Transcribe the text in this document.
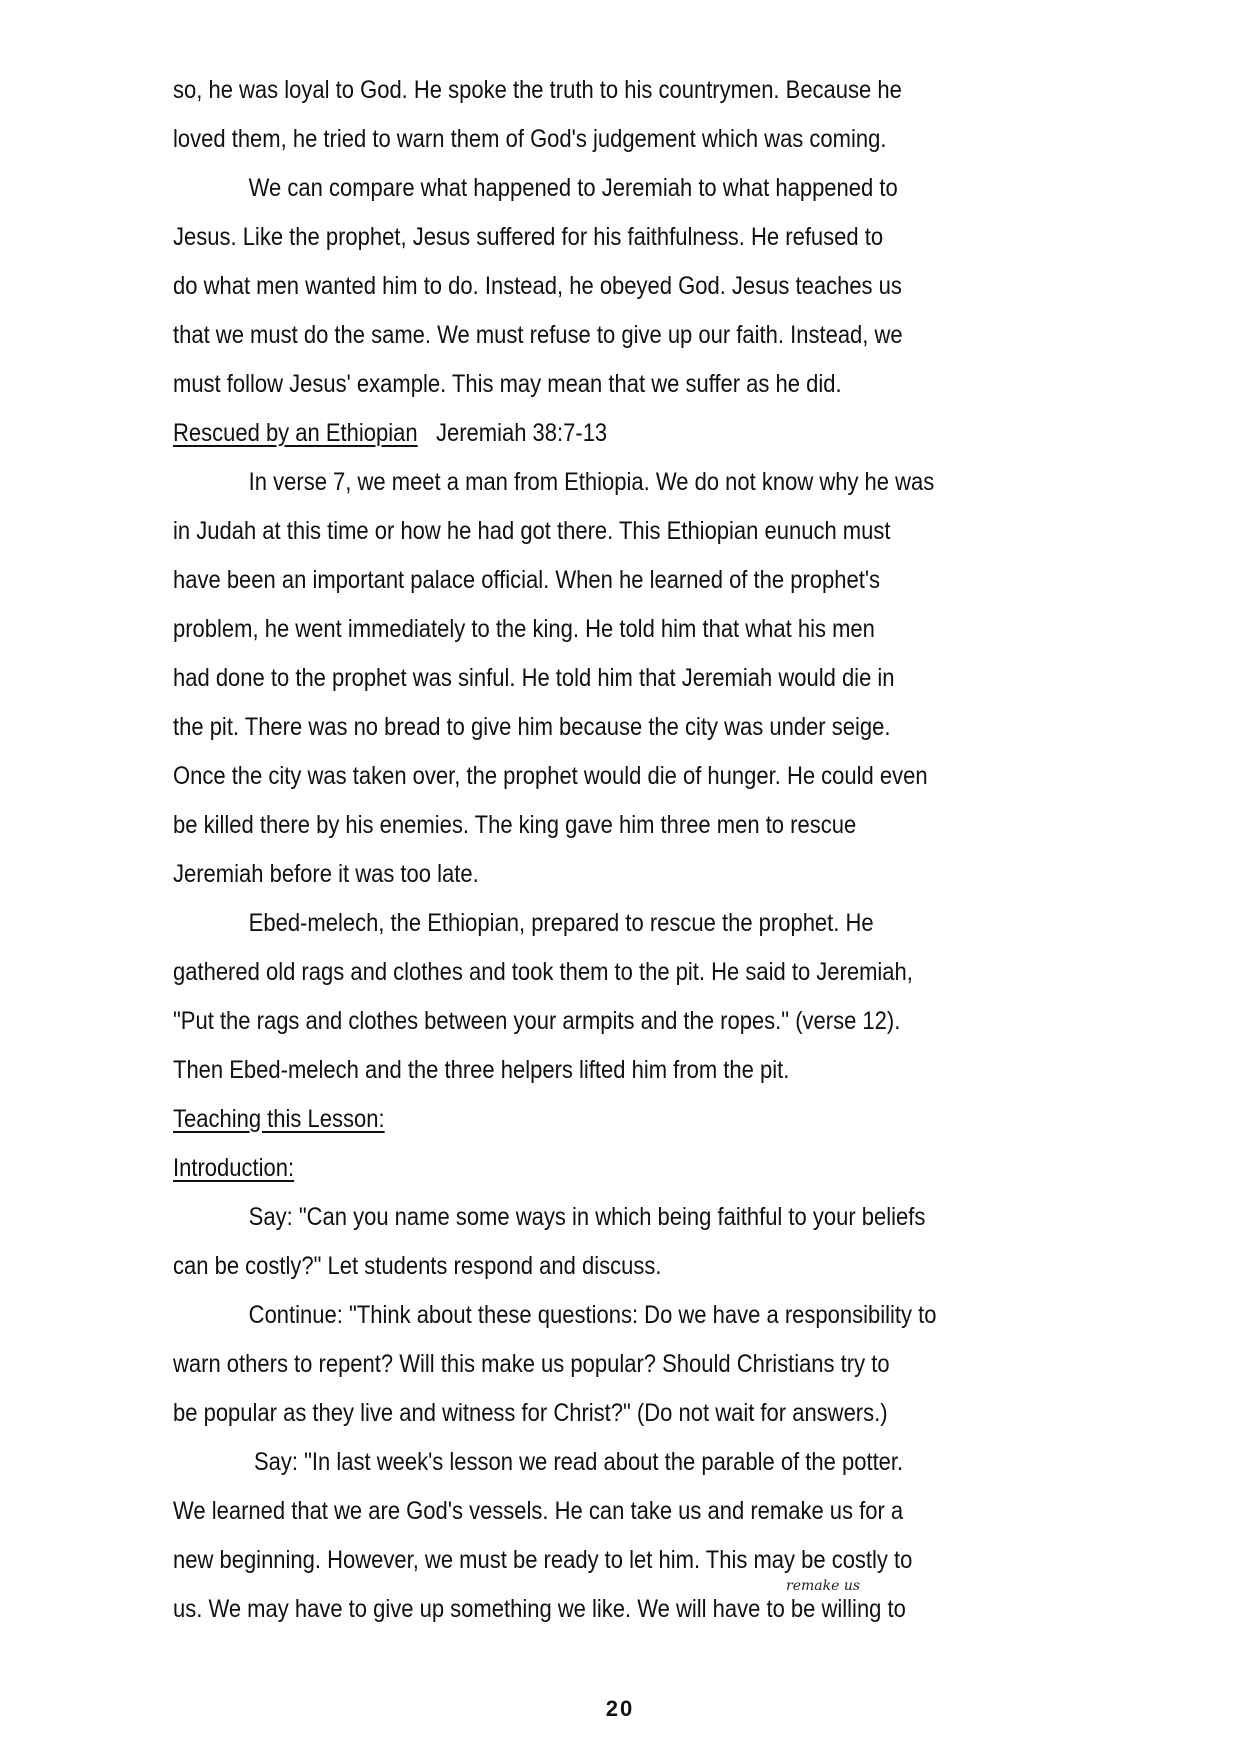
so, he was loyal to God. He spoke the truth to his countrymen. Because he
loved them, he tried to warn them of God's judgement which was coming.
We can compare what happened to Jeremiah to what happened to
Jesus. Like the prophet, Jesus suffered for his faithfulness. He refused to
do what men wanted him to do. Instead, he obeyed God. Jesus teaches us
that we must do the same. We must refuse to give up our faith. Instead, we
must follow Jesus' example. This may mean that we suffer as he did.
Rescued by an Ethiopian Jeremiah 38:7-13
In verse 7, we meet a man from Ethiopia. We do not know why he was
in Judah at this time or how he had got there. This Ethiopian eunuch must
have been an important palace official. When he learned of the prophet's
problem, he went immediately to the king. He told him that what his men
had done to the prophet was sinful. He told him that Jeremiah would die in
the pit. There was no bread to give him because the city was under seige.
Once the city was taken over, the prophet would die of hunger. He could even
be killed there by his enemies. The king gave him three men to rescue
Jeremiah before it was too late.
Ebed-melech, the Ethiopian, prepared to rescue the prophet. He
gathered old rags and clothes and took them to the pit. He said to Jeremiah,
"Put the rags and clothes between your armpits and the ropes." (verse 12).
Then Ebed-melech and the three helpers lifted him from the pit.
Teaching this Lesson:
Introduction:
Say: "Can you name some ways in which being faithful to your beliefs
can be costly?" Let students respond and discuss.
Continue: "Think about these questions: Do we have a responsibility to
warn others to repent? Will this make us popular? Should Christians try to
be popular as they live and witness for Christ?" (Do not wait for answers.)
Say: "In last week's lesson we read about the parable of the potter.
We learned that we are God's vessels. He can take us and remake us for a
new beginning. However, we must be ready to let him. This may be costly to
us. We may have to give up something we like. We will have to be willing to
remake us
20
